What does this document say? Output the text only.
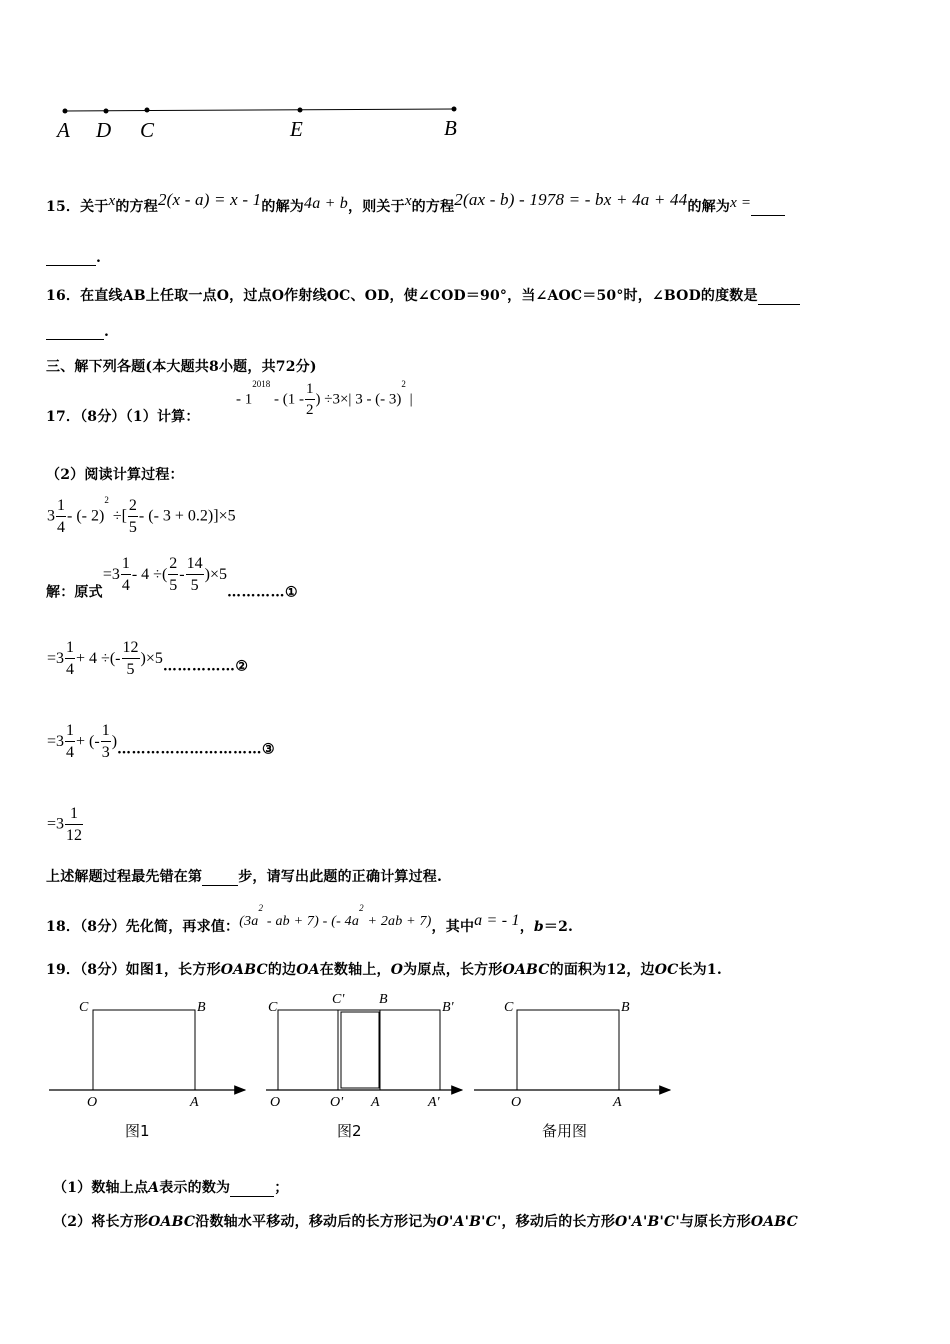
A D C	E	B
15．关于x的方程2(x - a) = x - 1的解为4a + b，则关于x的方程2(ax - b) - 1978 = - bx + 4a + 44的解为x =
.
16．在直线AB上任取一点O，过点O作射线OC、OD，使∠COD＝90°，当∠AOC＝50°时，∠BOD的度数是
.
三、解下列各题(本大题共8小题，共72分)
17．（8分）（1）计算：
- $1^{2018} - (1 - \frac{1}{2}$ ) ÷3×| 3 - (- 3)$^2$ |
（2）阅读计算过程：
$3 \frac{1}{4}$ - (- 2)$^2$ ÷[ $\frac{2}{5}$ - (- 3 + 0.2)]×5
解：原式$=3 \frac{1}{4} - 4$ ÷( $\frac{2}{5} - \frac{14}{5}$ )×5…………①
$=3 \frac{1}{4} + 4$ ÷(- $\frac{12}{5}$ )×5……………②
$=3 \frac{1}{4}$ + (- $\frac{1}{3}$ )…………………………③
$=3 \frac{1}{12}$
上述解题过程最先错在第	步，请写出此题的正确计算过程.
18．（8分）先化简，再求值：($3a^2$ - ab + 7) - (- $4a^2 + 2ab + 7$)，其中a = - 1，b＝2.
19．（8分）如图1，长方形OABC的边OA在数轴上，O为原点，长方形OABC的面积为12，边OC长为1.
C	B
O	A
图1
C
C' B
B'
O	O' A	A'
图2
C	B
O	A
备用图
（1）数轴上点A表示的数为	；
（2）将长方形OABC沿数轴水平移动，移动后的长方形记为O'A'B'C'，移动后的长方形O'A'B'C'与原长方形OABC
